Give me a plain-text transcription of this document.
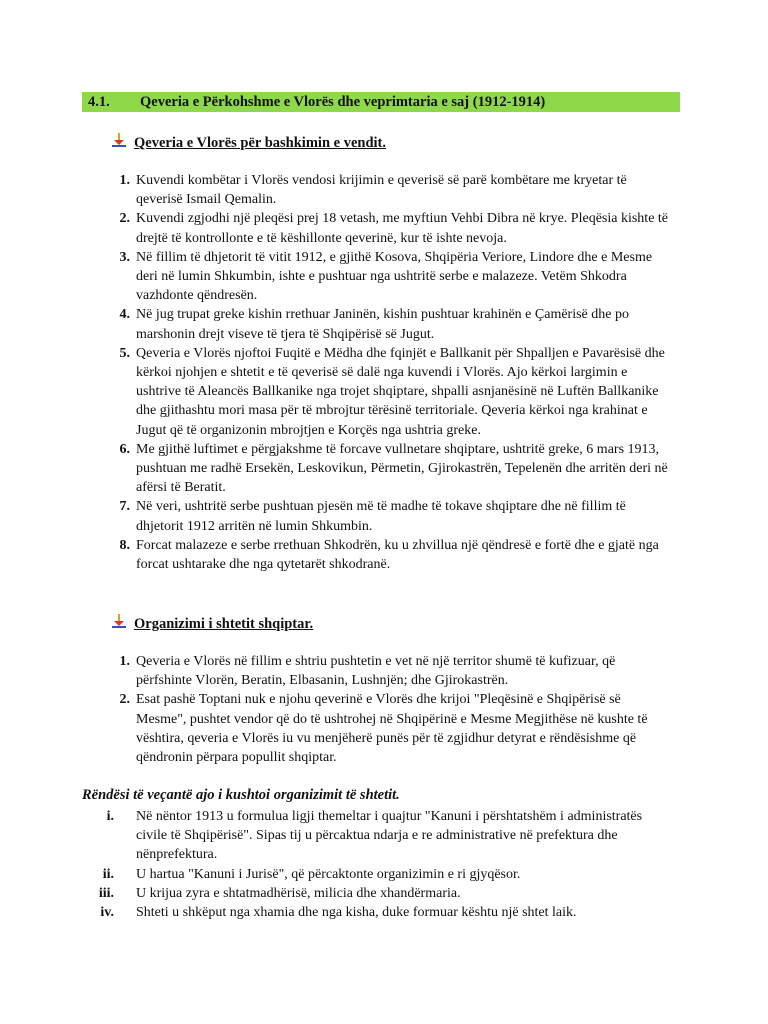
4.1. Qeveria e Përkohshme e Vlorës dhe veprimtaria e saj (1912-1914)
Qeveria e Vlorës për bashkimin e vendit.
1. Kuvendi kombëtar i Vlorës vendosi krijimin e qeverisë së parë kombëtare me kryetar të qeverisë Ismail Qemalin.
2. Kuvendi zgjodhi një pleqësi prej 18 vetash, me myftiun Vehbi Dibra në krye. Pleqësia kishte të drejtë të kontrollonte e të këshillonte qeverinë, kur të ishte nevoja.
3. Në fillim të dhjetorit të vitit 1912, e gjithë Kosova, Shqipëria Veriore, Lindore dhe e Mesme deri në lumin Shkumbin, ishte e pushtuar nga ushtritë serbe e malazeze. Vetëm Shkodra vazhdonte qëndresën.
4. Në jug trupat greke kishin rrethuar Janinën, kishin pushtuar krahinën e Çamërisë dhe po marshonin drejt viseve të tjera të Shqipërisë së Jugut.
5. Qeveria e Vlorës njoftoi Fuqitë e Mëdha dhe fqinjët e Ballkanit për Shpalljen e Pavarësisë dhe kërkoi njohjen e shtetit e të qeverisë së dalë nga kuvendi i Vlorës. Ajo kërkoi largimin e ushtrive të Aleancës Ballkanike nga trojet shqiptare, shpalli asnjanësinë në Luftën Ballkanike dhe gjithashtu mori masa për të mbrojtur tërësinë territoriale. Qeveria kërkoi nga krahinat e Jugut që të organizonin mbrojtjen e Korçës nga ushtria greke.
6. Me gjithë luftimet e përgjakshme të forcave vullnetare shqiptare, ushtritë greke, 6 mars 1913, pushtuan me radhë Ersekën, Leskovikun, Përmetin, Gjirokastrën, Tepelenën dhe arritën deri në afërsi të Beratit.
7. Në veri, ushtritë serbe pushtuan pjesën më të madhe të tokave shqiptare dhe në fillim të dhjetorit 1912 arritën në lumin Shkumbin.
8. Forcat malazeze e serbe rrethuan Shkodrën, ku u zhvillua një qëndresë e fortë dhe e gjatë nga forcat ushtarake dhe nga qytetarët shkodranë.
Organizimi i shtetit shqiptar.
1. Qeveria e Vlorës në fillim e shtriu pushtetin e vet në një territor shumë të kufizuar, që përfshinte Vlorën, Beratin, Elbasanin, Lushnjën; dhe Gjirokastrën.
2. Esat pashë Toptani nuk e njohu qeverinë e Vlorës dhe krijoi "Pleqësinë e Shqipërisë së Mesme", pushtet vendor që do të ushtrohej në Shqipërinë e Mesme Megjithëse në kushte të vështira, qeveria e Vlorës iu vu menjëherë punës për të zgjidhur detyrat e rëndësishme që qëndronin përpara popullit shqiptar.
Rëndësi të veçantë ajo i kushtoi organizimit të shtetit.
i. Në nëntor 1913 u formulua ligji themeltar i quajtur "Kanuni i përshtatshëm i administratës civile të Shqipërisë". Sipas tij u përcaktua ndarja e re administrative në prefektura dhe nënprefektura.
ii. U hartua "Kanuni i Jurisë", që përcaktonte organizimin e ri gjyqësor.
iii. U krijua zyra e shtatmadhërisë, milicia dhe xhandërmaria.
iv. Shteti u shkëput nga xhamia dhe nga kisha, duke formuar kështu një shtet laik.
